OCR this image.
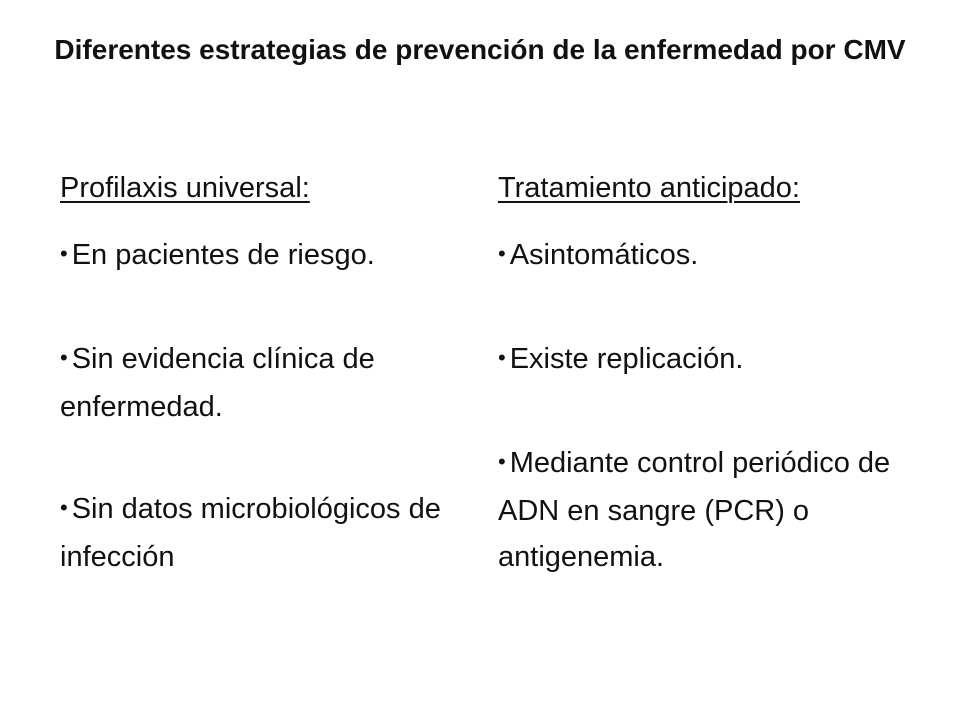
Diferentes estrategias de prevención de la enfermedad por CMV

Profilaxis universal:

• En pacientes de riesgo.
• Sin evidencia clínica de enfermedad.
• Sin datos microbiológicos de infección

Tratamiento anticipado:

• Asintomáticos.
• Existe replicación.
• Mediante control periódico de ADN en sangre (PCR) o antigenemia.
